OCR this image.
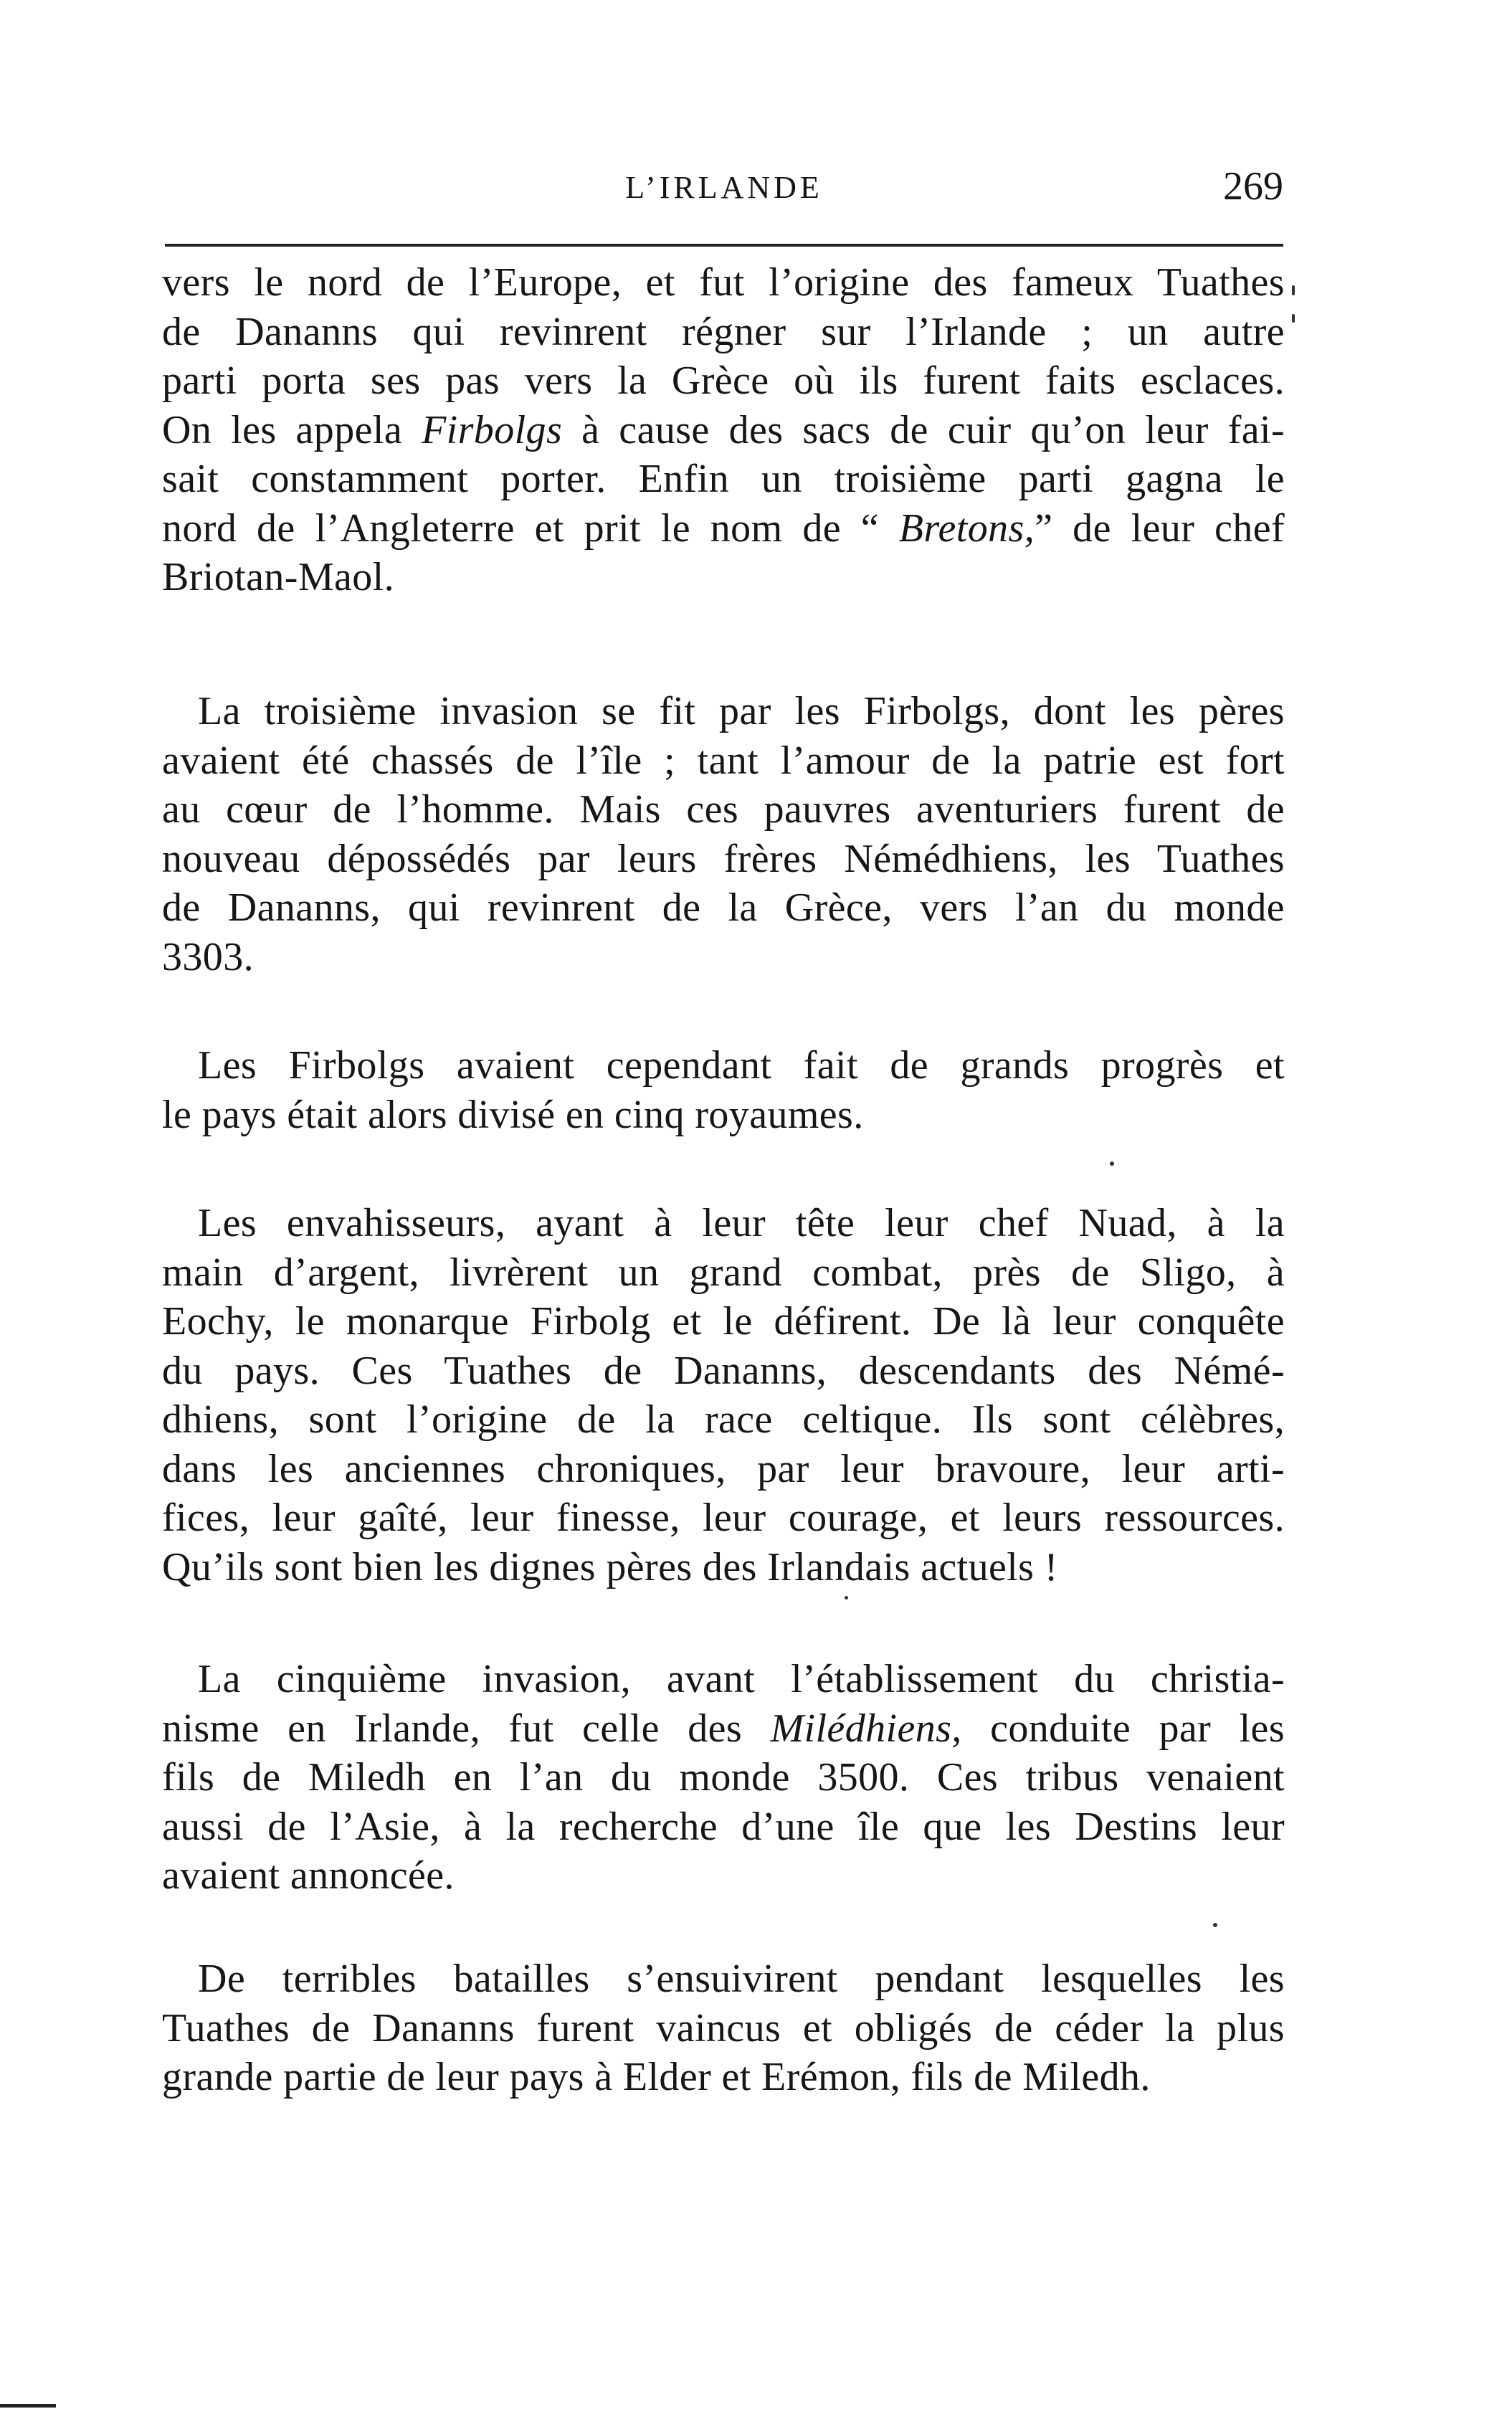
L’IRLANDE	269

vers le nord de l’Europe, et fut l’origine des fameux Tuathes

de Dananns qui revinrent régner sur l’Irlande ; un autre

parti porta ses pas vers la Grèce où ils furent faits esclaces.

On les appela Firbolgs à cause des sacs de cuir qu’on leur fai-

sait constamment porter. Enfin un troisième parti gagna le

nord de l’Angleterre et prit le nom de “ Bretons,” de leur chef

Briotan-Maol.

La troisième invasion se fit par les Firbolgs, dont les pères

avaient été chassés de l’île ; tant l’amour de la patrie est fort

au cœur de l’homme. Mais ces pauvres aventuriers furent de

nouveau dépossédés par leurs frères Némédhiens, les Tuathes

de Dananns, qui revinrent de la Grèce, vers l’an du monde

3303.

Les Firbolgs avaient cependant fait de grands progrès et

le pays était alors divisé en cinq royaumes.

Les envahisseurs, ayant à leur tête leur chef Nuad, à la

main d’argent, livrèrent un grand combat, près de Sligo, à

Eochy, le monarque Firbolg et le défirent. De là leur conquête

du pays. Ces Tuathes de Dananns, descendants des Némé-

dhiens, sont l’origine de la race celtique. Ils sont célèbres,

dans les anciennes chroniques, par leur bravoure, leur arti-

fices, leur gaîté, leur finesse, leur courage, et leurs ressources.

Qu’ils sont bien les dignes pères des Irlandais actuels !

La cinquième invasion, avant l’établissement du christia-

nisme en Irlande, fut celle des Milédhiens, conduite par les

fils de Miledh en l’an du monde 3500. Ces tribus venaient

aussi de l’Asie, à la recherche d’une île que les Destins leur

avaient annoncée.

De terribles batailles s’ensuivirent pendant lesquelles les

Tuathes de Dananns furent vaincus et obligés de céder la plus

grande partie de leur pays à Elder et Erémon, fils de Miledh.
